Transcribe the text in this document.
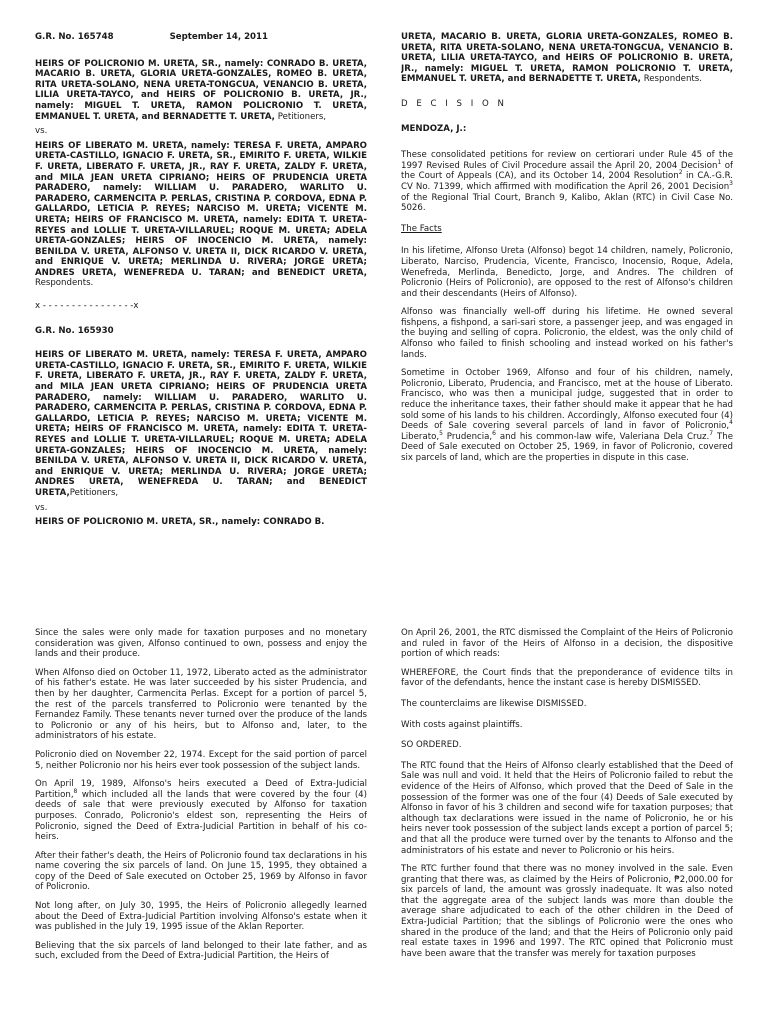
G.R. No. 165748	September 14, 2011

HEIRS OF POLICRONIO M. URETA, SR., namely: CONRADO B. URETA, MACARIO B. URETA, GLORIA URETA-GONZALES, ROMEO B. URETA, RITA URETA-SOLANO, NENA URETA-TONGCUA, VENANCIO B. URETA, LILIA URETA-TAYCO, and HEIRS OF POLICRONIO B. URETA, JR., namely: MIGUEL T. URETA, RAMON POLICRONIO T. URETA, EMMANUEL T. URETA, and BERNADETTE T. URETA, Petitioners,

vs.

HEIRS OF LIBERATO M. URETA, namely: TERESA F. URETA, AMPARO URETA-CASTILLO, IGNACIO F. URETA, SR., EMIRITO F. URETA, WILKIE F. URETA, LIBERATO F. URETA, JR., RAY F. URETA, ZALDY F. URETA, and MILA JEAN URETA CIPRIANO; HEIRS OF PRUDENCIA URETA PARADERO, namely: WILLIAM U. PARADERO, WARLITO U. PARADERO, CARMENCITA P. PERLAS, CRISTINA P. CORDOVA, EDNA P. GALLARDO, LETICIA P. REYES; NARCISO M. URETA; VICENTE M. URETA; HEIRS OF FRANCISCO M. URETA, namely: EDITA T. URETA-REYES and LOLLIE T. URETA-VILLARUEL; ROQUE M. URETA; ADELA URETA-GONZALES; HEIRS OF INOCENCIO M. URETA, namely: BENILDA V. URETA, ALFONSO V. URETA II, DICK RICARDO V. URETA, and ENRIQUE V. URETA; MERLINDA U. RIVERA; JORGE URETA; ANDRES URETA, WENEFREDA U. TARAN; and BENEDICT URETA, Respondents.

x - - - - - - - - - - - - - - - -x
G.R. No. 165930

HEIRS OF LIBERATO M. URETA, namely: TERESA F. URETA, AMPARO URETA-CASTILLO, IGNACIO F. URETA, SR., EMIRITO F. URETA, WILKIE F. URETA, LIBERATO F. URETA, JR., RAY F. URETA, ZALDY F. URETA, and MILA JEAN URETA CIPRIANO; HEIRS OF PRUDENCIA URETA PARADERO, namely: WILLIAM U. PARADERO, WARLITO U. PARADERO, CARMENCITA P. PERLAS, CRISTINA P. CORDOVA, EDNA P. GALLARDO, LETICIA P. REYES; NARCISO M. URETA; VICENTE M. URETA; HEIRS OF FRANCISCO M. URETA, namely: EDITA T. URETA-REYES and LOLLIE T. URETA-VILLARUEL; ROQUE M. URETA; ADELA URETA-GONZALES; HEIRS OF INOCENCIO M. URETA, namely: BENILDA V. URETA, ALFONSO V. URETA II, DICK RICARDO V. URETA, and ENRIQUE V. URETA; MERLINDA U. RIVERA; JORGE URETA; ANDRES URETA, WENEFREDA U. TARAN; and BENEDICT URETA,Petitioners,

vs.
HEIRS OF POLICRONIO M. URETA, SR., namely: CONRADO B.

URETA, MACARIO B. URETA, GLORIA URETA-GONZALES, ROMEO B. URETA, RITA URETA-SOLANO, NENA URETA-TONGCUA, VENANCIO B. URETA, LILIA URETA-TAYCO, and HEIRS OF POLICRONIO B. URETA, JR., namely: MIGUEL T. URETA, RAMON POLICRONIO T. URETA, EMMANUEL T. URETA, and BERNADETTE T. URETA, Respondents.

D E C I S I O N
MENDOZA, J.:

These consolidated petitions for review on certiorari under Rule 45 of the 1997 Revised Rules of Civil Procedure assail the April 20, 2004 Decision$^1$ of the Court of Appeals (CA), and its October 14, 2004 Resolution$^2$ in CA.-G.R. CV No. 71399, which affirmed with modification the April 26, 2001 Decision$^3$ of the Regional Trial Court, Branch 9, Kalibo, Aklan (RTC) in Civil Case No. 5026.

The Facts

In his lifetime, Alfonso Ureta (Alfonso) begot 14 children, namely, Policronio, Liberato, Narciso, Prudencia, Vicente, Francisco, Inocensio, Roque, Adela, Wenefreda, Merlinda, Benedicto, Jorge, and Andres. The children of Policronio (Heirs of Policronio), are opposed to the rest of Alfonso's children and their descendants (Heirs of Alfonso).

Alfonso was financially well-off during his lifetime. He owned several fishpens, a fishpond, a sari-sari store, a passenger jeep, and was engaged in the buying and selling of copra. Policronio, the eldest, was the only child of Alfonso who failed to finish schooling and instead worked on his father's lands.

Sometime in October 1969, Alfonso and four of his children, namely, Policronio, Liberato, Prudencia, and Francisco, met at the house of Liberato. Francisco, who was then a municipal judge, suggested that in order to reduce the inheritance taxes, their father should make it appear that he had sold some of his lands to his children. Accordingly, Alfonso executed four (4) Deeds of Sale covering several parcels of land in favor of Policronio,$^4$ Liberato,$^5$ Prudencia,$^6$ and his common-law wife, Valeriana Dela Cruz.$^7$ The Deed of Sale executed on October 25, 1969, in favor of Policronio, covered six parcels of land, which are the properties in dispute in this case.

Since the sales were only made for taxation purposes and no monetary consideration was given, Alfonso continued to own, possess and enjoy the lands and their produce.

When Alfonso died on October 11, 1972, Liberato acted as the administrator of his father's estate. He was later succeeded by his sister Prudencia, and then by her daughter, Carmencita Perlas. Except for a portion of parcel 5, the rest of the parcels transferred to Policronio were tenanted by the Fernandez Family. These tenants never turned over the produce of the lands to Policronio or any of his heirs, but to Alfonso and, later, to the administrators of his estate.

Policronio died on November 22, 1974. Except for the said portion of parcel 5, neither Policronio nor his heirs ever took possession of the subject lands.

On April 19, 1989, Alfonso's heirs executed a Deed of Extra-Judicial Partition,$^8$ which included all the lands that were covered by the four (4) deeds of sale that were previously executed by Alfonso for taxation purposes. Conrado, Policronio's eldest son, representing the Heirs of Policronio, signed the Deed of Extra-Judicial Partition in behalf of his co-heirs.

After their father's death, the Heirs of Policronio found tax declarations in his name covering the six parcels of land. On June 15, 1995, they obtained a copy of the Deed of Sale executed on October 25, 1969 by Alfonso in favor of Policronio.

Not long after, on July 30, 1995, the Heirs of Policronio allegedly learned about the Deed of Extra-Judicial Partition involving Alfonso's estate when it was published in the July 19, 1995 issue of the Aklan Reporter.

Believing that the six parcels of land belonged to their late father, and as such, excluded from the Deed of Extra-Judicial Partition, the Heirs of

On April 26, 2001, the RTC dismissed the Complaint of the Heirs of Policronio and ruled in favor of the Heirs of Alfonso in a decision, the dispositive portion of which reads:

WHEREFORE, the Court finds that the preponderance of evidence tilts in favor of the defendants, hence the instant case is hereby DISMISSED.

The counterclaims are likewise DISMISSED.

With costs against plaintiffs.

SO ORDERED.

The RTC found that the Heirs of Alfonso clearly established that the Deed of Sale was null and void. It held that the Heirs of Policronio failed to rebut the evidence of the Heirs of Alfonso, which proved that the Deed of Sale in the possession of the former was one of the four (4) Deeds of Sale executed by Alfonso in favor of his 3 children and second wife for taxation purposes; that although tax declarations were issued in the name of Policronio, he or his heirs never took possession of the subject lands except a portion of parcel 5; and that all the produce were turned over by the tenants to Alfonso and the administrators of his estate and never to Policronio or his heirs.

The RTC further found that there was no money involved in the sale. Even granting that there was, as claimed by the Heirs of Policronio, ₱2,000.00 for six parcels of land, the amount was grossly inadequate. It was also noted that the aggregate area of the subject lands was more than double the average share adjudicated to each of the other children in the Deed of Extra-Judicial Partition; that the siblings of Policronio were the ones who shared in the produce of the land; and that the Heirs of Policronio only paid real estate taxes in 1996 and 1997. The RTC opined that Policronio must have been aware that the transfer was merely for taxation purposes
